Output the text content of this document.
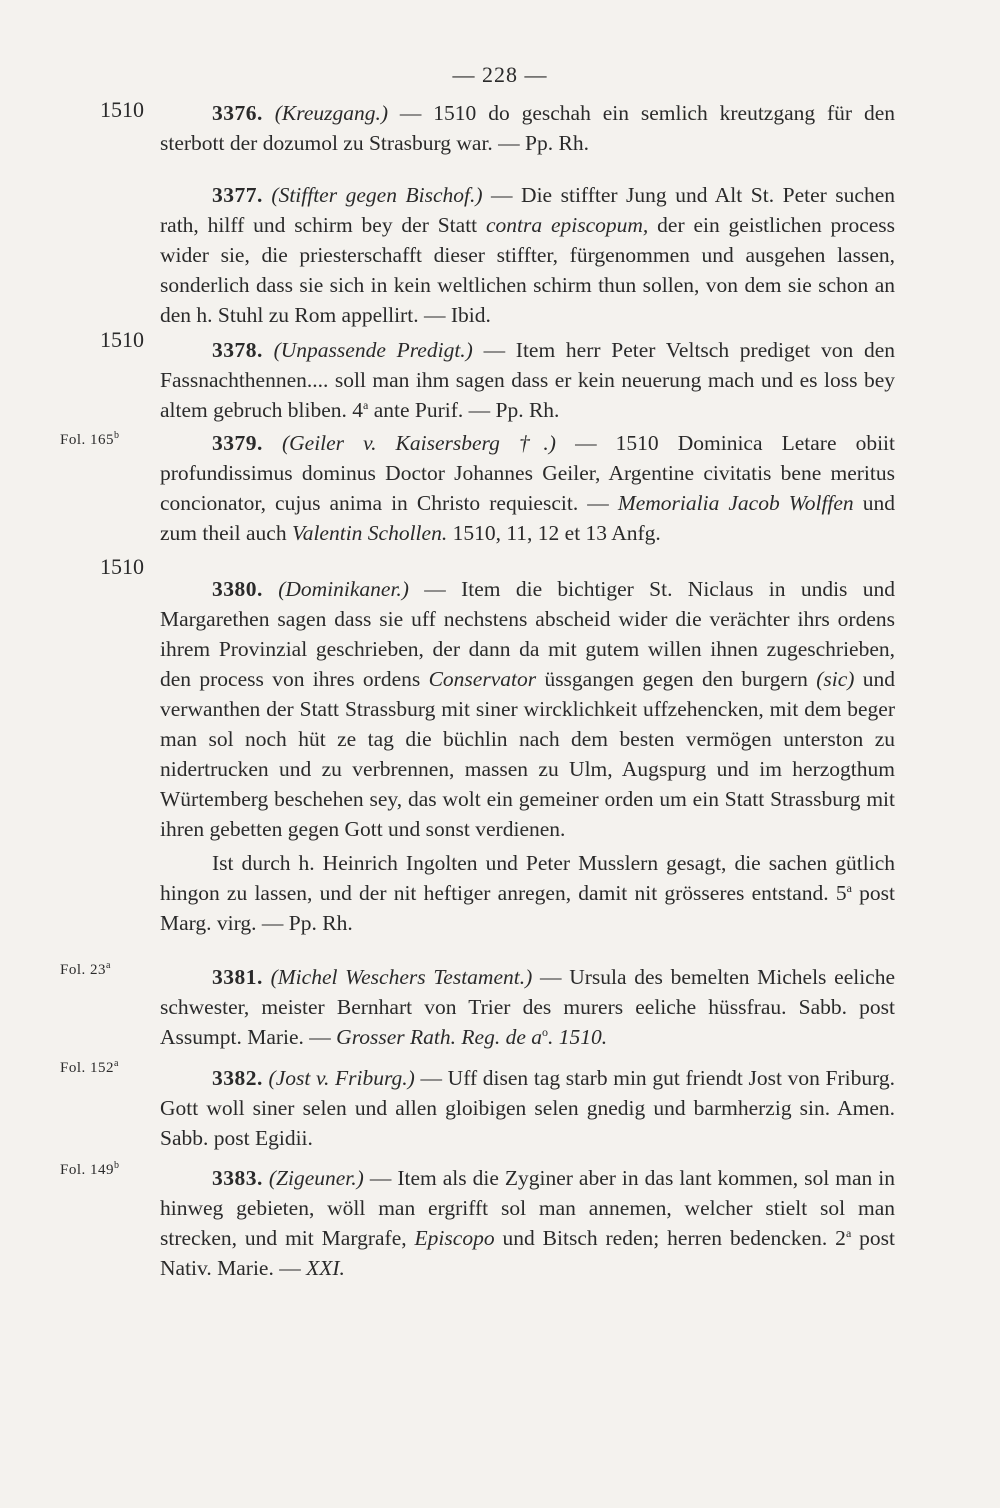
— 228 —
1510	3376. (Kreuzgang.) — 1510 do geschah ein semlich kreutzgang für den sterbott der dozumol zu Strasburg war. — Pp. Rh.

3377. (Stiffter gegen Bischof.) — Die stiffter Jung und Alt St. Peter suchen rath, hilff und schirm bey der Statt contra episcopum, der ein geistlichen process wider sie, die priesterschafft dieser stiffter, fürgenommen und ausgehen lassen, sonderlich dass sie sich in kein weltlichen schirm thun sollen, von dem sie schon an den h. Stuhl zu Rom appellirt. — Ibid.

1510	3378. (Unpassende Predigt.) — Item herr Peter Veltsch prediget von den Fassnachthennen.... soll man ihm sagen dass er kein neuerung mach und es loss bey altem gebruch bliben. 4$^a$ ante Purif. — Pp. Rh.

Fol. 165$^b$	3379. (Geiler v. Kaisersberg †.) — 1510 Dominica Letare obiit profundissimus dominus Doctor Johannes Geiler, Argentine civitatis bene meritus concionator, cujus anima in Christo requiescit. — Memorialia Jacob Wolffen und zum theil auch Valentin Schollen. 1510, 11, 12 et 13 Anfg.

1510

3380. (Dominikaner.) — Item die bichtiger St. Niclaus in undis und Margarethen sagen dass sie uff nechstens abscheid wider die verächter ihrs ordens ihrem Provinzial geschrieben, der dann da mit gutem willen ihnen zugeschrieben, den process von ihres ordens Conservator üssgangen gegen den burgern (sic) und verwanthen der Statt Strassburg mit siner wircklichkeit uffzehencken, mit dem beger man sol noch hüt ze tag die büchlin nach dem besten vermögen unterston zu nidertrucken und zu verbrennen, massen zu Ulm, Augspurg und im herzogthum Würtemberg beschehen sey, das wolt ein gemeiner orden um ein Statt Strassburg mit ihren gebetten gegen Gott und sonst verdienen.

Ist durch h. Heinrich Ingolten und Peter Musslern gesagt, die sachen gütlich hingon zu lassen, und der nit heftiger anregen, damit nit grösseres entstand. 5$^a$ post Marg. virg. — Pp. Rh.

Fol. 23$^a$	3381. (Michel Weschers Testament.) — Ursula des bemelten Michels eeliche schwester, meister Bernhart von Trier des murers eeliche hüssfrau. Sabb. post Assumpt. Marie. — Grosser Rath. Reg. de $a^o$. 1510.

Fol. 152$^a$

3382. (Jost v. Friburg.) — Uff disen tag starb min gut friendt Jost von Friburg. Gott woll siner selen und allen gloibigen selen gnedig und barmherzig sin. Amen. Sabb. post Egidii.

Fol. 149$^b$

3383. (Zigeuner.) — Item als die Zyginer aber in das lant kommen, sol man in hinweg gebieten, wöll man ergrifft sol man annemen, welcher stielt sol man strecken, und mit Margrafe, Episcopo und Bitsch reden; herren bedencken. 2$^a$ post Nativ. Marie. — XXI.
